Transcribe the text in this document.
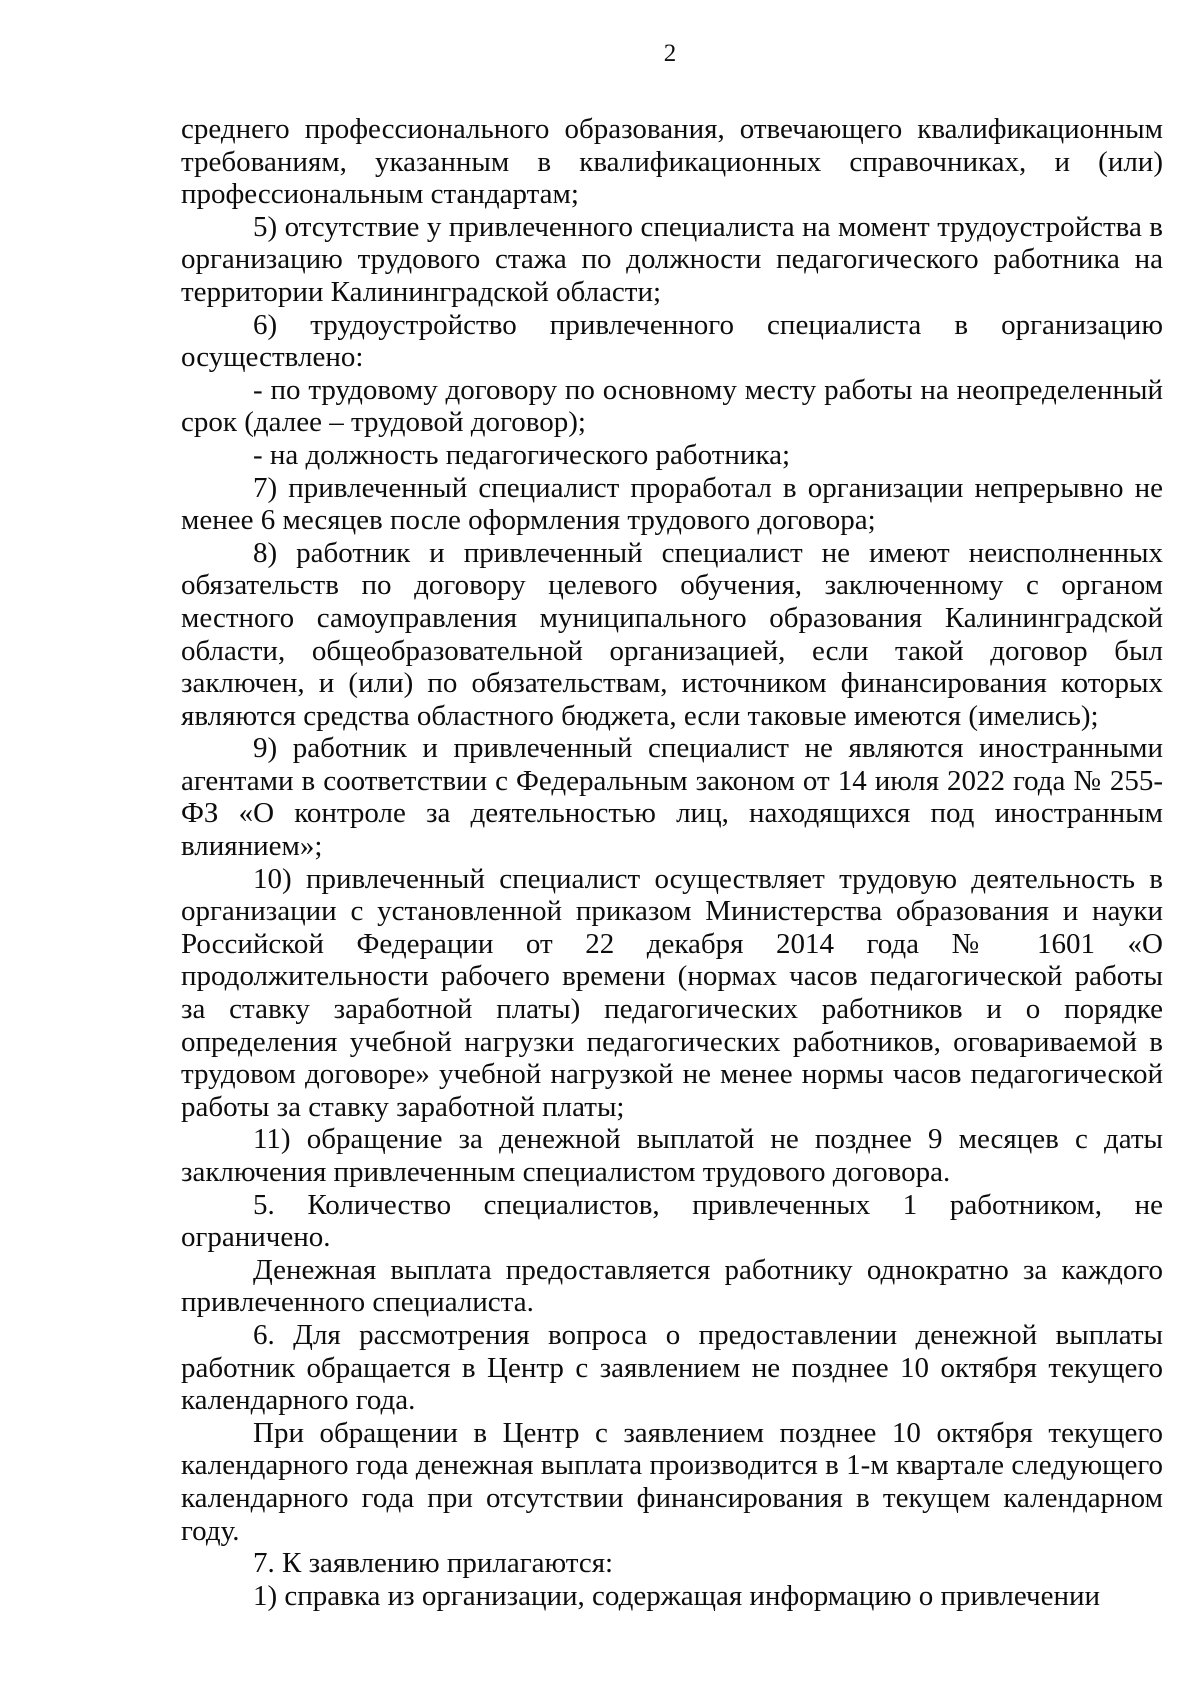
2

среднего профессионального образования, отвечающего квалификационным требованиям, указанным в квалификационных справочниках, и (или) профессиональным стандартам;

5) отсутствие у привлеченного специалиста на момент трудоустройства в организацию трудового стажа по должности педагогического работника на территории Калининградской области;

6) трудоустройство привлеченного специалиста в организацию осуществлено:

- по трудовому договору по основному месту работы на неопределенный срок (далее – трудовой договор);

- на должность педагогического работника;

7) привлеченный специалист проработал в организации непрерывно не менее 6 месяцев после оформления трудового договора;

8) работник и привлеченный специалист не имеют неисполненных обязательств по договору целевого обучения, заключенному с органом местного самоуправления муниципального образования Калининградской области, общеобразовательной организацией, если такой договор был заключен, и (или) по обязательствам, источником финансирования которых являются средства областного бюджета, если таковые имеются (имелись);

9) работник и привлеченный специалист не являются иностранными агентами в соответствии с Федеральным законом от 14 июля 2022 года № 255-ФЗ «О контроле за деятельностью лиц, находящихся под иностранным влиянием»;

10) привлеченный специалист осуществляет трудовую деятельность в организации с установленной приказом Министерства образования и науки Российской Федерации от 22 декабря 2014 года № 1601 «О продолжительности рабочего времени (нормах часов педагогической работы за ставку заработной платы) педагогических работников и о порядке определения учебной нагрузки педагогических работников, оговариваемой в трудовом договоре» учебной нагрузкой не менее нормы часов педагогической работы за ставку заработной платы;

11) обращение за денежной выплатой не позднее 9 месяцев с даты заключения привлеченным специалистом трудового договора.

5. Количество специалистов, привлеченных 1 работником, не ограничено.

Денежная выплата предоставляется работнику однократно за каждого привлеченного специалиста.

6. Для рассмотрения вопроса о предоставлении денежной выплаты работник обращается в Центр с заявлением не позднее 10 октября текущего календарного года.

При обращении в Центр с заявлением позднее 10 октября текущего календарного года денежная выплата производится в 1-м квартале следующего календарного года при отсутствии финансирования в текущем календарном году.

7. К заявлению прилагаются:

1) справка из организации, содержащая информацию о привлечении
